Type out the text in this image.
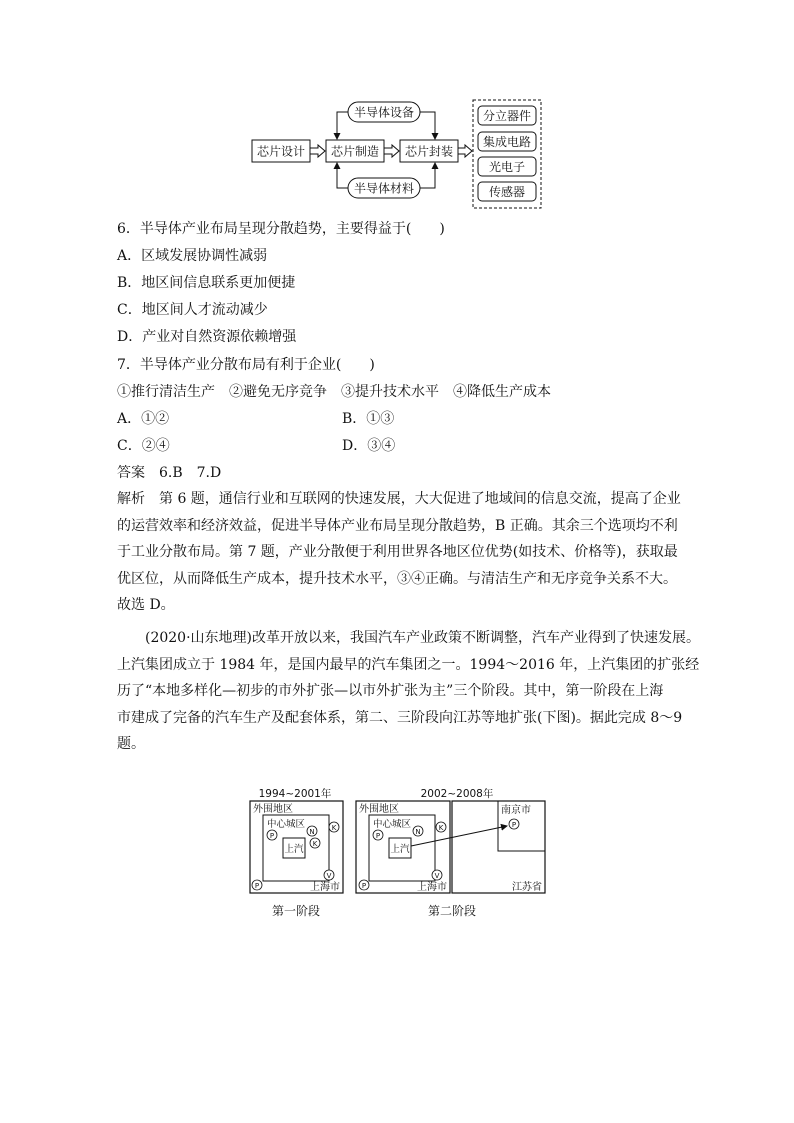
芯片设计 芯片制造 芯片封装
半导体设备
半导体材料
分立器件
集成电路
光电子
传感器
6．半导体产业布局呈现分散趋势，主要得益于(　　)
A．区域发展协调性减弱
B．地区间信息联系更加便捷
C．地区间人才流动减少
D．产业对自然资源依赖增强
7．半导体产业分散布局有利于企业(　　)
①推行清洁生产　②避免无序竞争　③提升技术水平　④降低生产成本
A．①②	B．①③
C．②④	D．③④
答案　6.B　7.D
解析　第 6 题，通信行业和互联网的快速发展，大大促进了地域间的信息交流，提高了企业
的运营效率和经济效益，促进半导体产业布局呈现分散趋势，B 正确。其余三个选项均不利
于工业分散布局。第 7 题，产业分散便于利用世界各地区位优势(如技术、价格等)，获取最
优区位，从而降低生产成本，提升技术水平，③④正确。与清洁生产和无序竞争关系不大。
故选 D。
(2020·山东地理)改革开放以来，我国汽车产业政策不断调整，汽车产业得到了快速发展。
上汽集团成立于 1984 年，是国内最早的汽车集团之一。1994～2016 年，上汽集团的扩张经
历了“本地多样化—初步的市外扩张—以市外扩张为主”三个阶段。其中，第一阶段在上海
市建成了完备的汽车生产及配套体系，第二、三阶段向江苏等地扩张(下图)。据此完成 8～9
题。
1994~2001年
外围地区
中心城区
上汽
上海市
P	N K
K
P
V
2002~2008年
外围地区
中心城区
上汽
上海市
P	N	K
P
V
南京市
P
江苏省
第一阶段	第二阶段
